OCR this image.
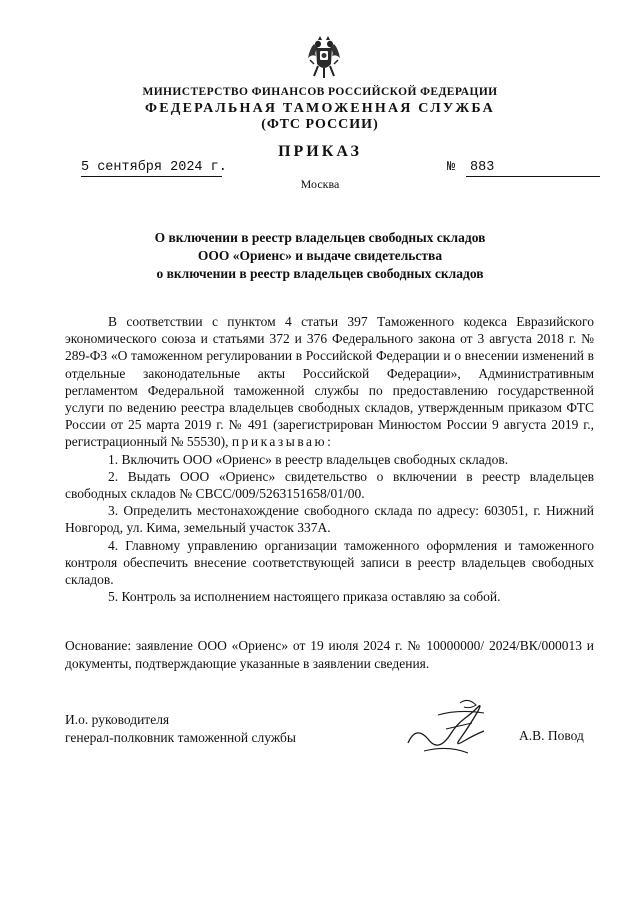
МИНИСТЕРСТВО ФИНАНСОВ РОССИЙСКОЙ ФЕДЕРАЦИИ
ФЕДЕРАЛЬНАЯ ТАМОЖЕННАЯ СЛУЖБА
(ФТС РОССИИ)
ПРИКАЗ
5 сентября 2024 г.	№ 883
Москва
О включении в реестр владельцев свободных складов
ООО «Ориенс» и выдаче свидетельства
о включении в реестр владельцев свободных складов

В соответствии с пунктом 4 статьи 397 Таможенного кодекса Евразийского экономического союза и статьями 372 и 376 Федерального закона от 3 августа 2018 г. № 289-ФЗ «О таможенном регулировании в Российской Федерации и о внесении изменений в отдельные законодательные акты Российской Федерации», Административным регламентом Федеральной таможенной службы по предоставлению государственной услуги по ведению реестра владельцев свободных складов, утвержденным приказом ФТС России от 25 марта 2019 г. № 491 (зарегистрирован Минюстом России 9 августа 2019 г., регистрационный № 55530), приказываю:

1. Включить ООО «Ориенс» в реестр владельцев свободных складов.

2. Выдать ООО «Ориенс» свидетельство о включении в реестр владельцев свободных складов № СВСС/009/5263151658/01/00.

3. Определить местонахождение свободного склада по адресу: 603051, г. Нижний Новгород, ул. Кима, земельный участок 337А.

4. Главному управлению организации таможенного оформления и таможенного контроля обеспечить внесение соответствующей записи в реестр владельцев свободных складов.

5. Контроль за исполнением настоящего приказа оставляю за собой.

Основание: заявление ООО «Ориенс» от 19 июля 2024 г. № 10000000/ 2024/ВК/000013 и документы, подтверждающие указанные в заявлении сведения.
И.о. руководителя
генерал-полковник таможенной службы	А.В. Повод
